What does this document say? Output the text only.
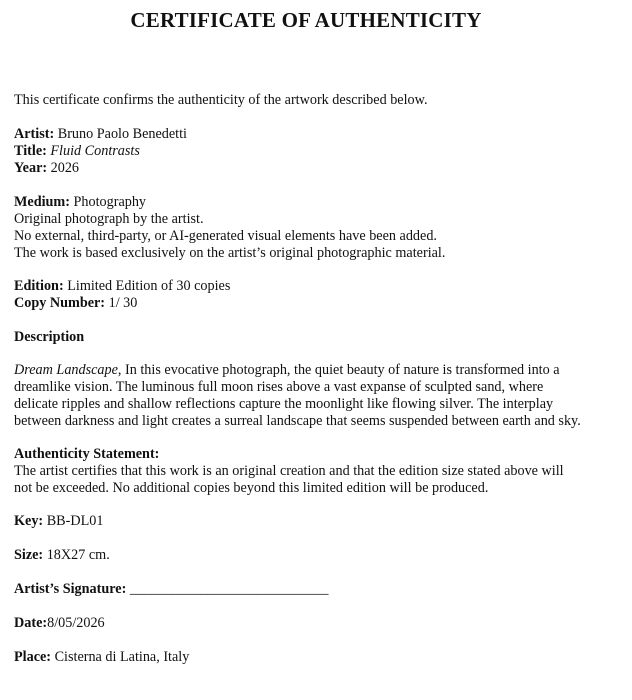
CERTIFICATE OF AUTHENTICITY
This certificate confirms the authenticity of the artwork described below.
Artist: Bruno Paolo Benedetti
Title: Fluid Contrasts
Year: 2026
Medium: Photography
Original photograph by the artist.
No external, third-party, or AI-generated visual elements have been added.
The work is based exclusively on the artist’s original photographic material.
Edition: Limited Edition of 30 copies
Copy Number: 1/ 30
Description
Dream Landscape, In this evocative photograph, the quiet beauty of nature is transformed into a
dreamlike vision. The luminous full moon rises above a vast expanse of sculpted sand, where
delicate ripples and shallow reflections capture the moonlight like flowing silver. The interplay
between darkness and light creates a surreal landscape that seems suspended between earth and sky.
Authenticity Statement:
The artist certifies that this work is an original creation and that the edition size stated above will
not be exceeded. No additional copies beyond this limited edition will be produced.
Key: BB-DL01
Size: 18X27 cm.
Artist’s Signature: ____________________________
Date:8/05/2026
Place: Cisterna di Latina, Italy
